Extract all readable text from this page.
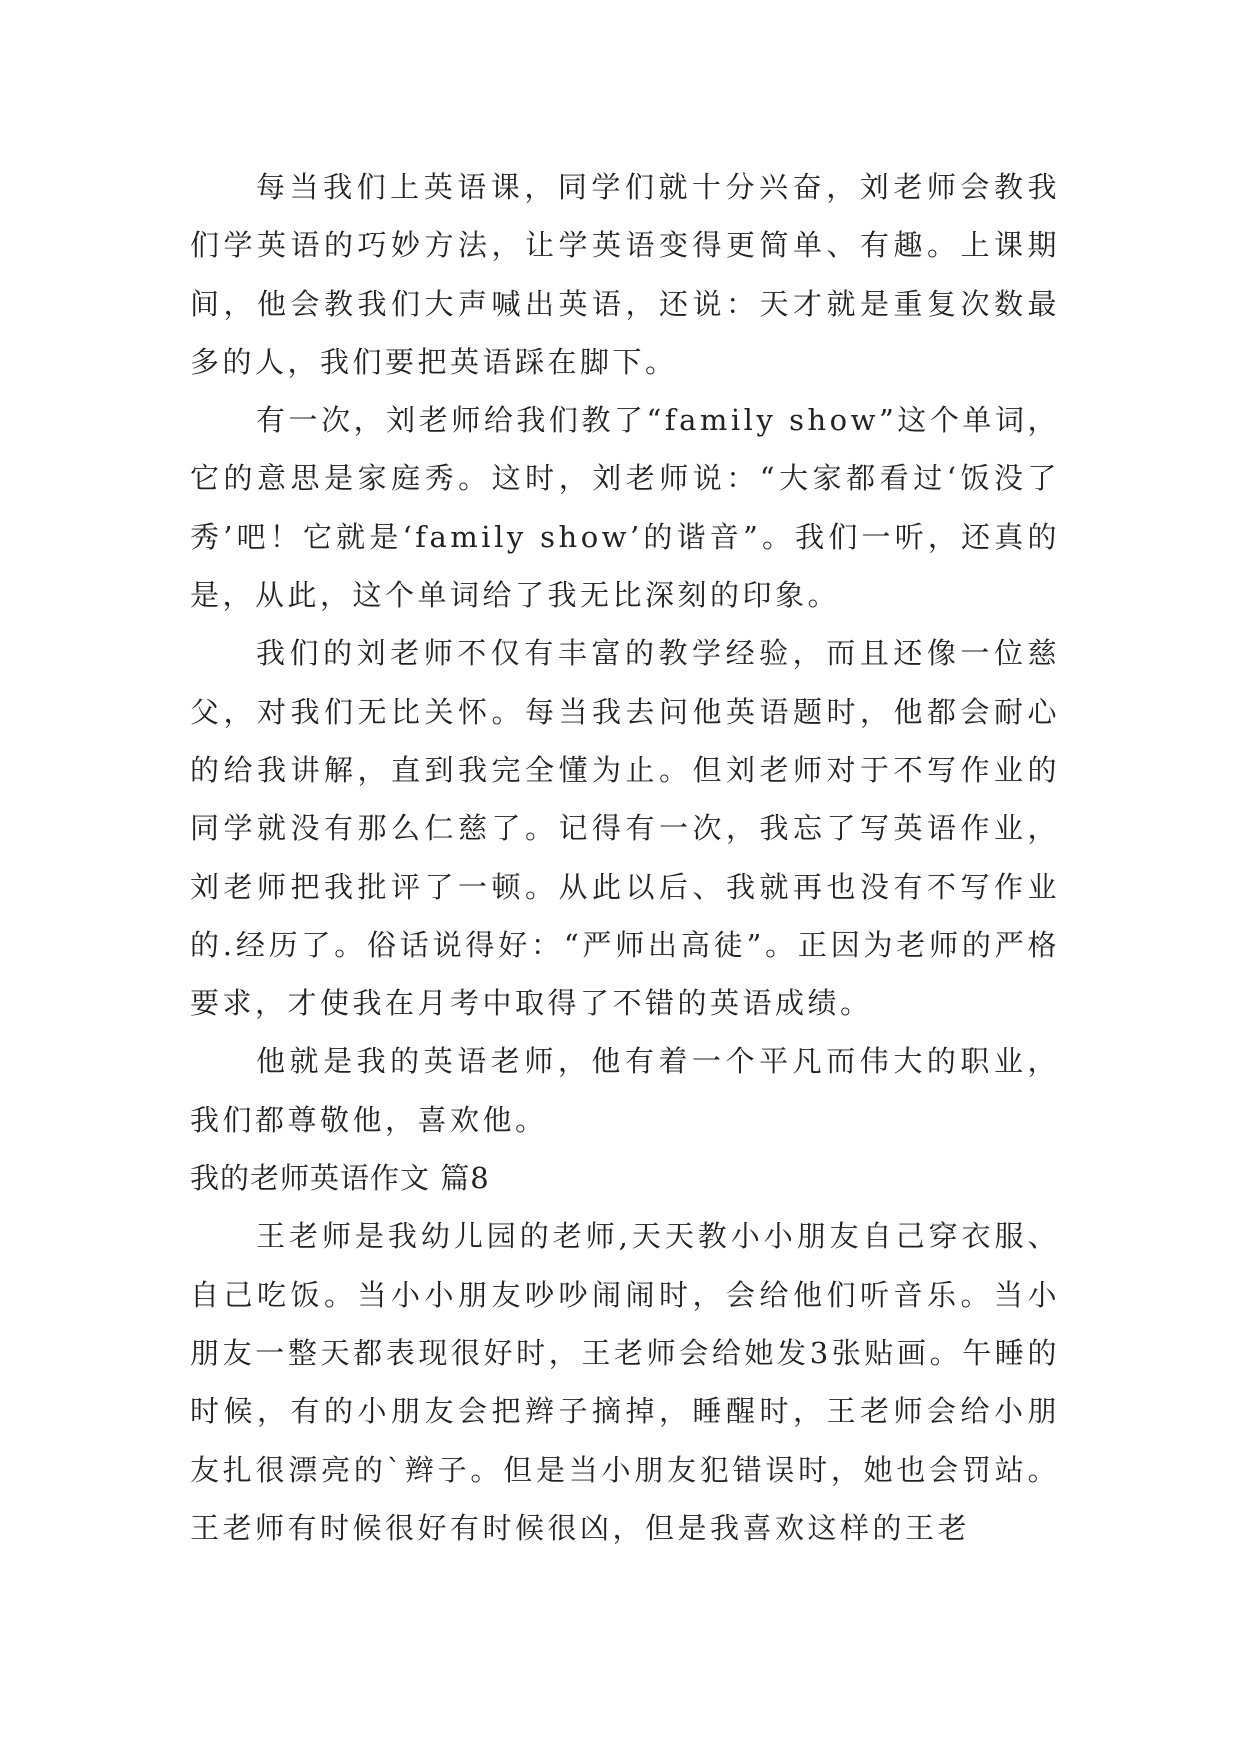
每当我们上英语课，同学们就十分兴奋，刘老师会教我们学英语的巧妙方法，让学英语变得更简单、有趣。上课期间，他会教我们大声喊出英语，还说：天才就是重复次数最多的人，我们要把英语踩在脚下。

有一次，刘老师给我们教了“family show”这个单词，它的意思是家庭秀。这时，刘老师说：“大家都看过‘饭没了秀’吧！它就是‘family show’的谐音”。我们一听，还真的是，从此，这个单词给了我无比深刻的印象。

我们的刘老师不仅有丰富的教学经验，而且还像一位慈父，对我们无比关怀。每当我去问他英语题时，他都会耐心的给我讲解，直到我完全懂为止。但刘老师对于不写作业的同学就没有那么仁慈了。记得有一次，我忘了写英语作业，刘老师把我批评了一顿。从此以后、我就再也没有不写作业的.经历了。俗话说得好：“严师出高徒”。正因为老师的严格要求，才使我在月考中取得了不错的英语成绩。

他就是我的英语老师，他有着一个平凡而伟大的职业，我们都尊敬他，喜欢他。

我的老师英语作文 篇8

王老师是我幼儿园的老师,天天教小小朋友自己穿衣服、自己吃饭。当小小朋友吵吵闹闹时，会给他们听音乐。当小朋友一整天都表现很好时，王老师会给她发3张贴画。午睡的时候，有的小朋友会把辫子摘掉，睡醒时，王老师会给小朋友扎很漂亮的`辫子。但是当小朋友犯错误时，她也会罚站。王老师有时候很好有时候很凶，但是我喜欢这样的王老
